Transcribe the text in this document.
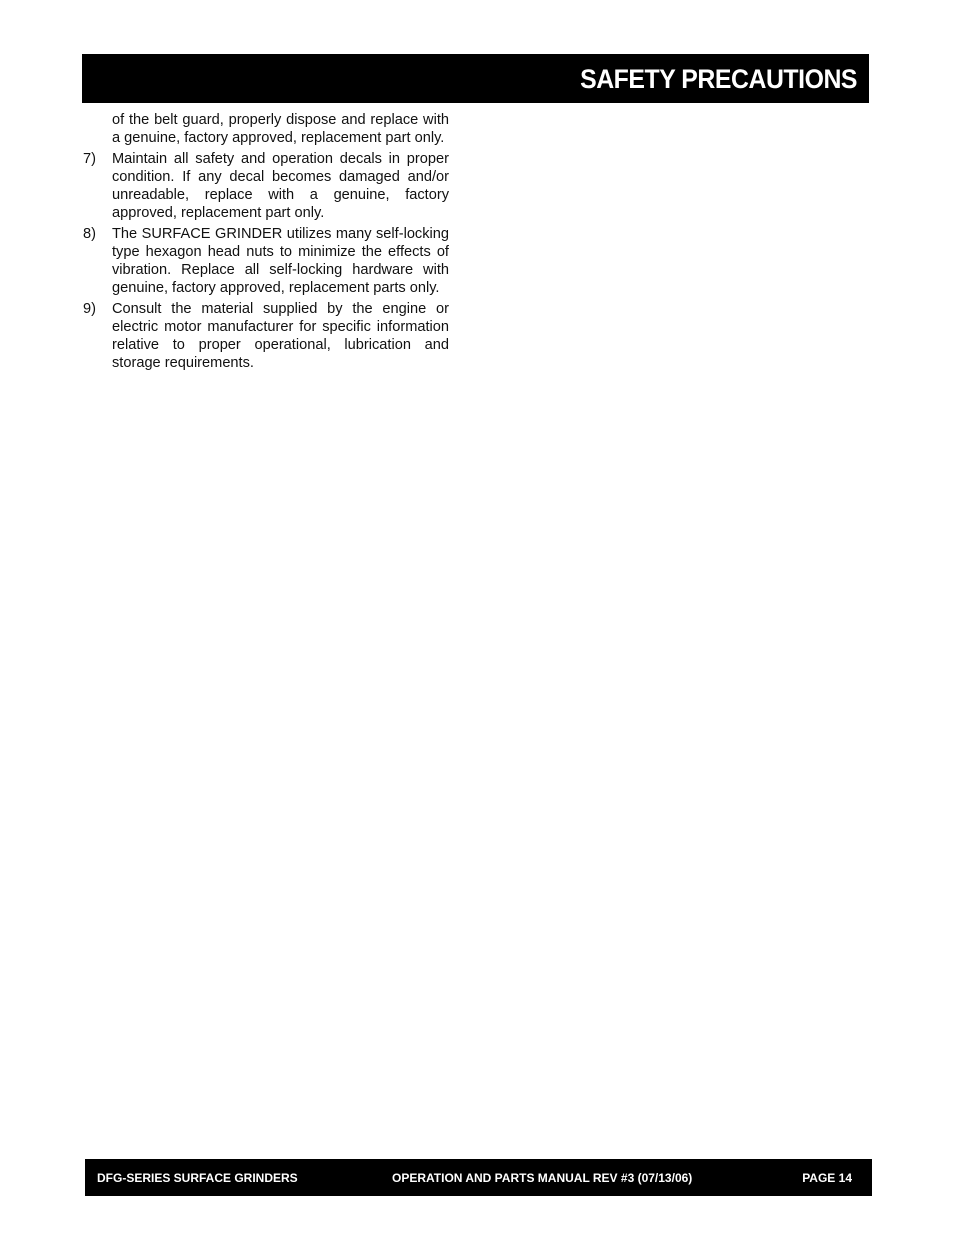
SAFETY PRECAUTIONS

of the belt guard, properly dispose and replace with a genuine, factory approved, replacement part only.

7)	Maintain all safety and operation decals in proper condition. If any decal becomes damaged and/or unreadable, replace with a genuine, factory approved, replacement part only.
8)	The SURFACE GRINDER utilizes many self-locking type hexagon head nuts to minimize the effects of vibration. Replace all self-locking hardware with genuine, factory approved, replacement parts only.
9)	Consult the material supplied by the engine or electric motor manufacturer for specific information relative to proper operational, lubrication and storage requirements.
DFG-SERIES SURFACE GRINDERS	OPERATION AND PARTS MANUAL REV #3 (07/13/06)	PAGE 14
